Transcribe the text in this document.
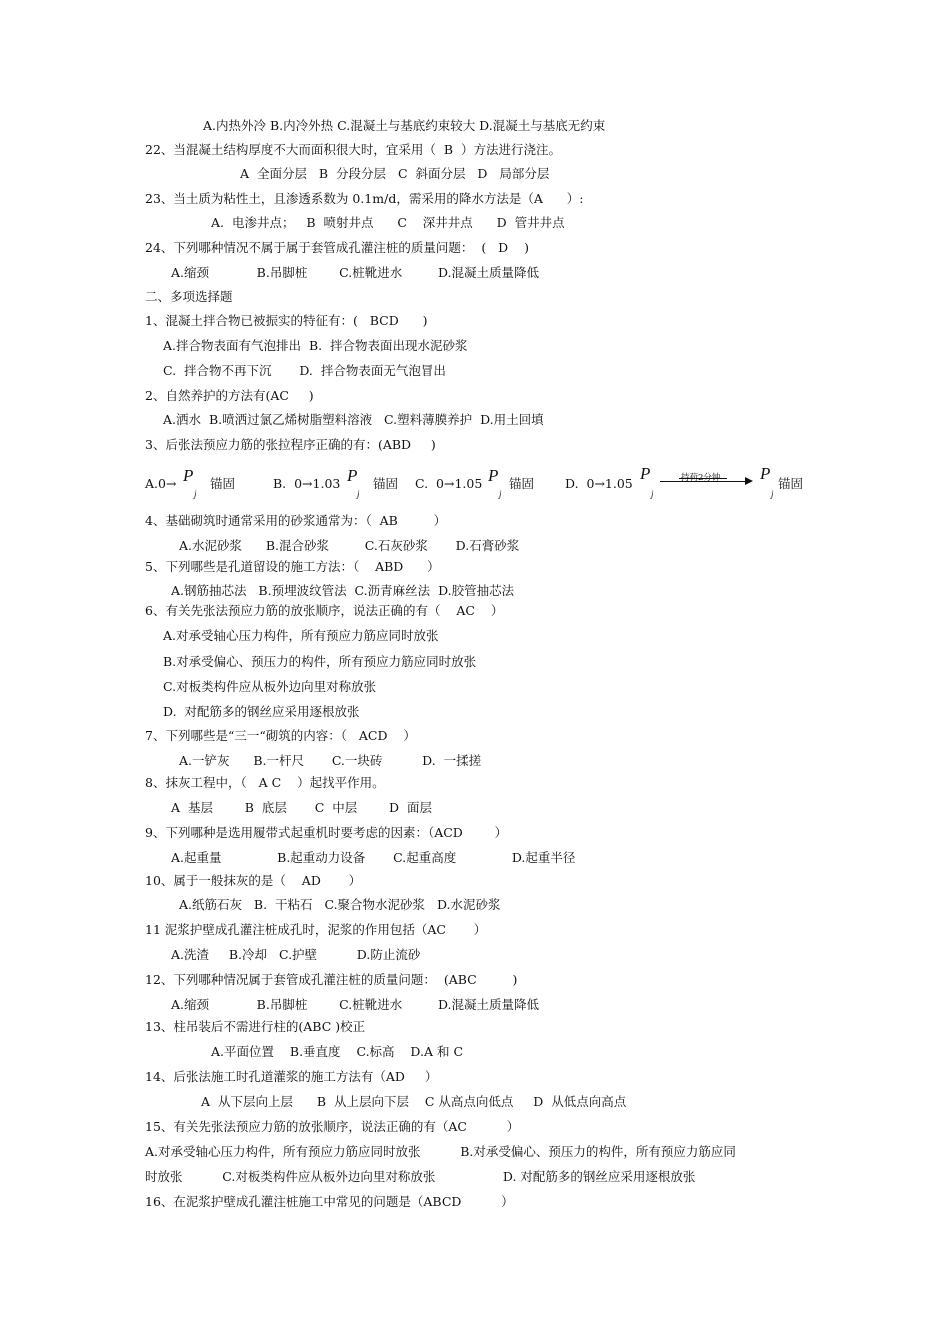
A.内热外冷 B.内冷外热 C.混凝土与基底约束较大 D.混凝土与基底无约束
22、当混凝土结构厚度不大而面积很大时，宜采用（  B  ）方法进行浇注。
A  全面分层   B  分段分层   C  斜面分层   D   局部分层
23、当土质为粘性土，且渗透系数为 0.1m/d，需采用的降水方法是（A      ）:
A.  电渗井点；   B  喷射井点      C    深井井点      D  管井井点
24、下列哪种情况不属于属于套管成孔灌注桩的质量问题：  (   D    )
A.缩颈            B.吊脚桩        C.桩靴进水         D.混凝土质量降低
二、多项选择题
1、混凝土拌合物已被振实的特征有：(   BCD      )
A.拌合物表面有气泡排出  B.  拌合物表面出现水泥砂浆
C.  拌合物不再下沉       D.  拌合物表面无气泡冒出
2、自然养护的方法有(AC     )
A.洒水  B.喷洒过氯乙烯树脂塑料溶液   C.塑料薄膜养护  D.用土回填
3、后张法预应力筋的张拉程序正确的有：(ABD     )
A.0→ P
j
锚固	B.  0→1.03 P
j
锚固 C.  0→1.05 P
j
锚固 D.  0→1.05
P
j
持荷2分钟 P
j
锚固
4、基础砌筑时通常采用的砂浆通常为：（  AB         ）
A.水泥砂浆      B.混合砂浆         C.石灰砂浆       D.石膏砂浆
5、下列哪些是孔道留设的施工方法：（    ABD      ）
A.钢筋抽芯法   B.预埋波纹管法  C.沥青麻丝法  D.胶管抽芯法
6、有关先张法预应力筋的放张顺序，说法正确的有（    AC    ）
A.对承受轴心压力构件，所有预应力筋应同时放张
B.对承受偏心、预压力的构件，所有预应力筋应同时放张
C.对板类构件应从板外边向里对称放张
D.  对配筋多的钢丝应采用逐根放张
7、下列哪些是“三一“砌筑的内容：（   ACD    ）
A.一铲灰      B.一杆尺       C.一块砖          D.  一揉搓
8、抹灰工程中，（   A C    ）起找平作用。
A  基层        B  底层       C  中层        D  面层
9、下列哪种是选用履带式起重机时要考虑的因素：（ACD        ）
A.起重量              B.起重动力设备       C.起重高度              D.起重半径
10、属于一般抹灰的是（    AD       ）
A.纸筋石灰   B.  干粘石   C.聚合物水泥砂浆   D.水泥砂浆
11 泥浆护壁成孔灌注桩成孔时，泥浆的作用包括（AC       ）
A.洗渣     B.冷却   C.护壁          D.防止流砂
12、下列哪种情况属于套管成孔灌注桩的质量问题：  (ABC         )
A.缩颈            B.吊脚桩        C.桩靴进水         D.混凝土质量降低
13、柱吊装后不需进行柱的(ABC )校正
A.平面位置    B.垂直度    C.标高    D.A 和 C
14、后张法施工时孔道灌浆的施工方法有（AD     ）
A  从下层向上层      B  从上层向下层    C 从高点向低点     D  从低点向高点
15、有关先张法预应力筋的放张顺序，说法正确的有（AC          ）
A.对承受轴心压力构件，所有预应力筋应同时放张          B.对承受偏心、预压力的构件，所有预应力筋应同
时放张          C.对板类构件应从板外边向里对称放张                 D. 对配筋多的钢丝应采用逐根放张
16、在泥浆护壁成孔灌注桩施工中常见的问题是（ABCD          ）
